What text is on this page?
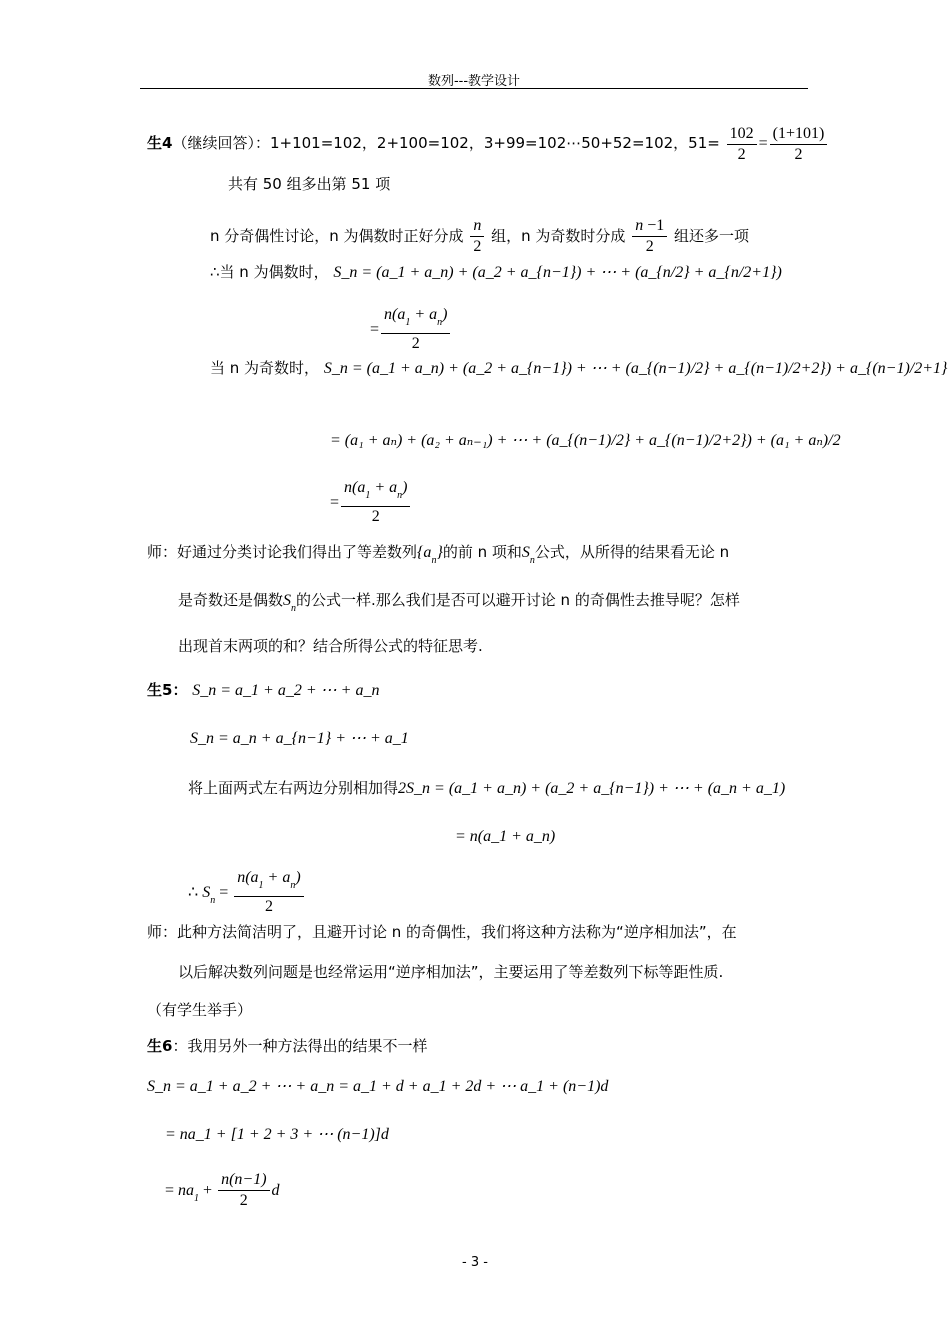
数列---教学设计
生4（继续回答）：1+101=102，2+100=102，3+99=102⋯50+52=102，$51= \frac{102}{2} = \frac{(1+101)}{2}$
共有 50 组多出第 51 项
n 分奇偶性讨论，n 为偶数时正好分成 $\frac{n}{2}$ 组，n 为奇数时分成 $\frac{n -1}{2}$ 组还多一项
∴当 n 为偶数时， S_n = (a_1 + a_n) + (a_2 + a_{n−1}) + ⋯ + (a_{n/2} + a_{n/2+1})
= $\frac{n(a_1 + a_n)}{2}$
当 n 为奇数时， S_n = (a_1 + a_n) + (a_2 + a_{n−1}) + ⋯ + (a_{(n−1)/2} + a_{(n−1)/2+2}) + a_{(n−1)/2+1}
= (a₁ + aₙ) + (a₂ + aₙ₋₁) + ⋯ + (a_{(n−1)/2} + a_{(n−1)/2+2}) + (a₁ + aₙ)/2
= $\frac{n(a_1 + a_n)}{2}$
师：好通过分类讨论我们得出了等差数列$\{a_n\}$的前 n 项和$S_n$公式，从所得的结果看无论 n
是奇数还是偶数$S_n$的公式一样.那么我们是否可以避开讨论 n 的奇偶性去推导呢？怎样
出现首末两项的和？结合所得公式的特征思考.
生5： S_n = a_1 + a_2 + ⋯ + a_n
S_n = a_n + a_{n−1} + ⋯ + a_1
将上面两式左右两边分别相加得2S_n = (a_1 + a_n) + (a_2 + a_{n−1}) + ⋯ + (a_n + a_1)
= n(a_1 + a_n)
∴ $S_n = \frac{n(a_1 + a_n)}{2}$
师：此种方法简洁明了，且避开讨论 n 的奇偶性，我们将这种方法称为“逆序相加法”，在
以后解决数列问题是也经常运用“逆序相加法”，主要运用了等差数列下标等距性质.
（有学生举手）
生6：我用另外一种方法得出的结果不一样
S_n = a_1 + a_2 + ⋯ + a_n = a_1 + d + a_1 + 2d + ⋯ a_1 + (n−1)d
= na_1 + [1 + 2 + 3 + ⋯ (n−1)]d
= $na_1 + \frac{n(n-1)}{2}$ d
- 3 -
